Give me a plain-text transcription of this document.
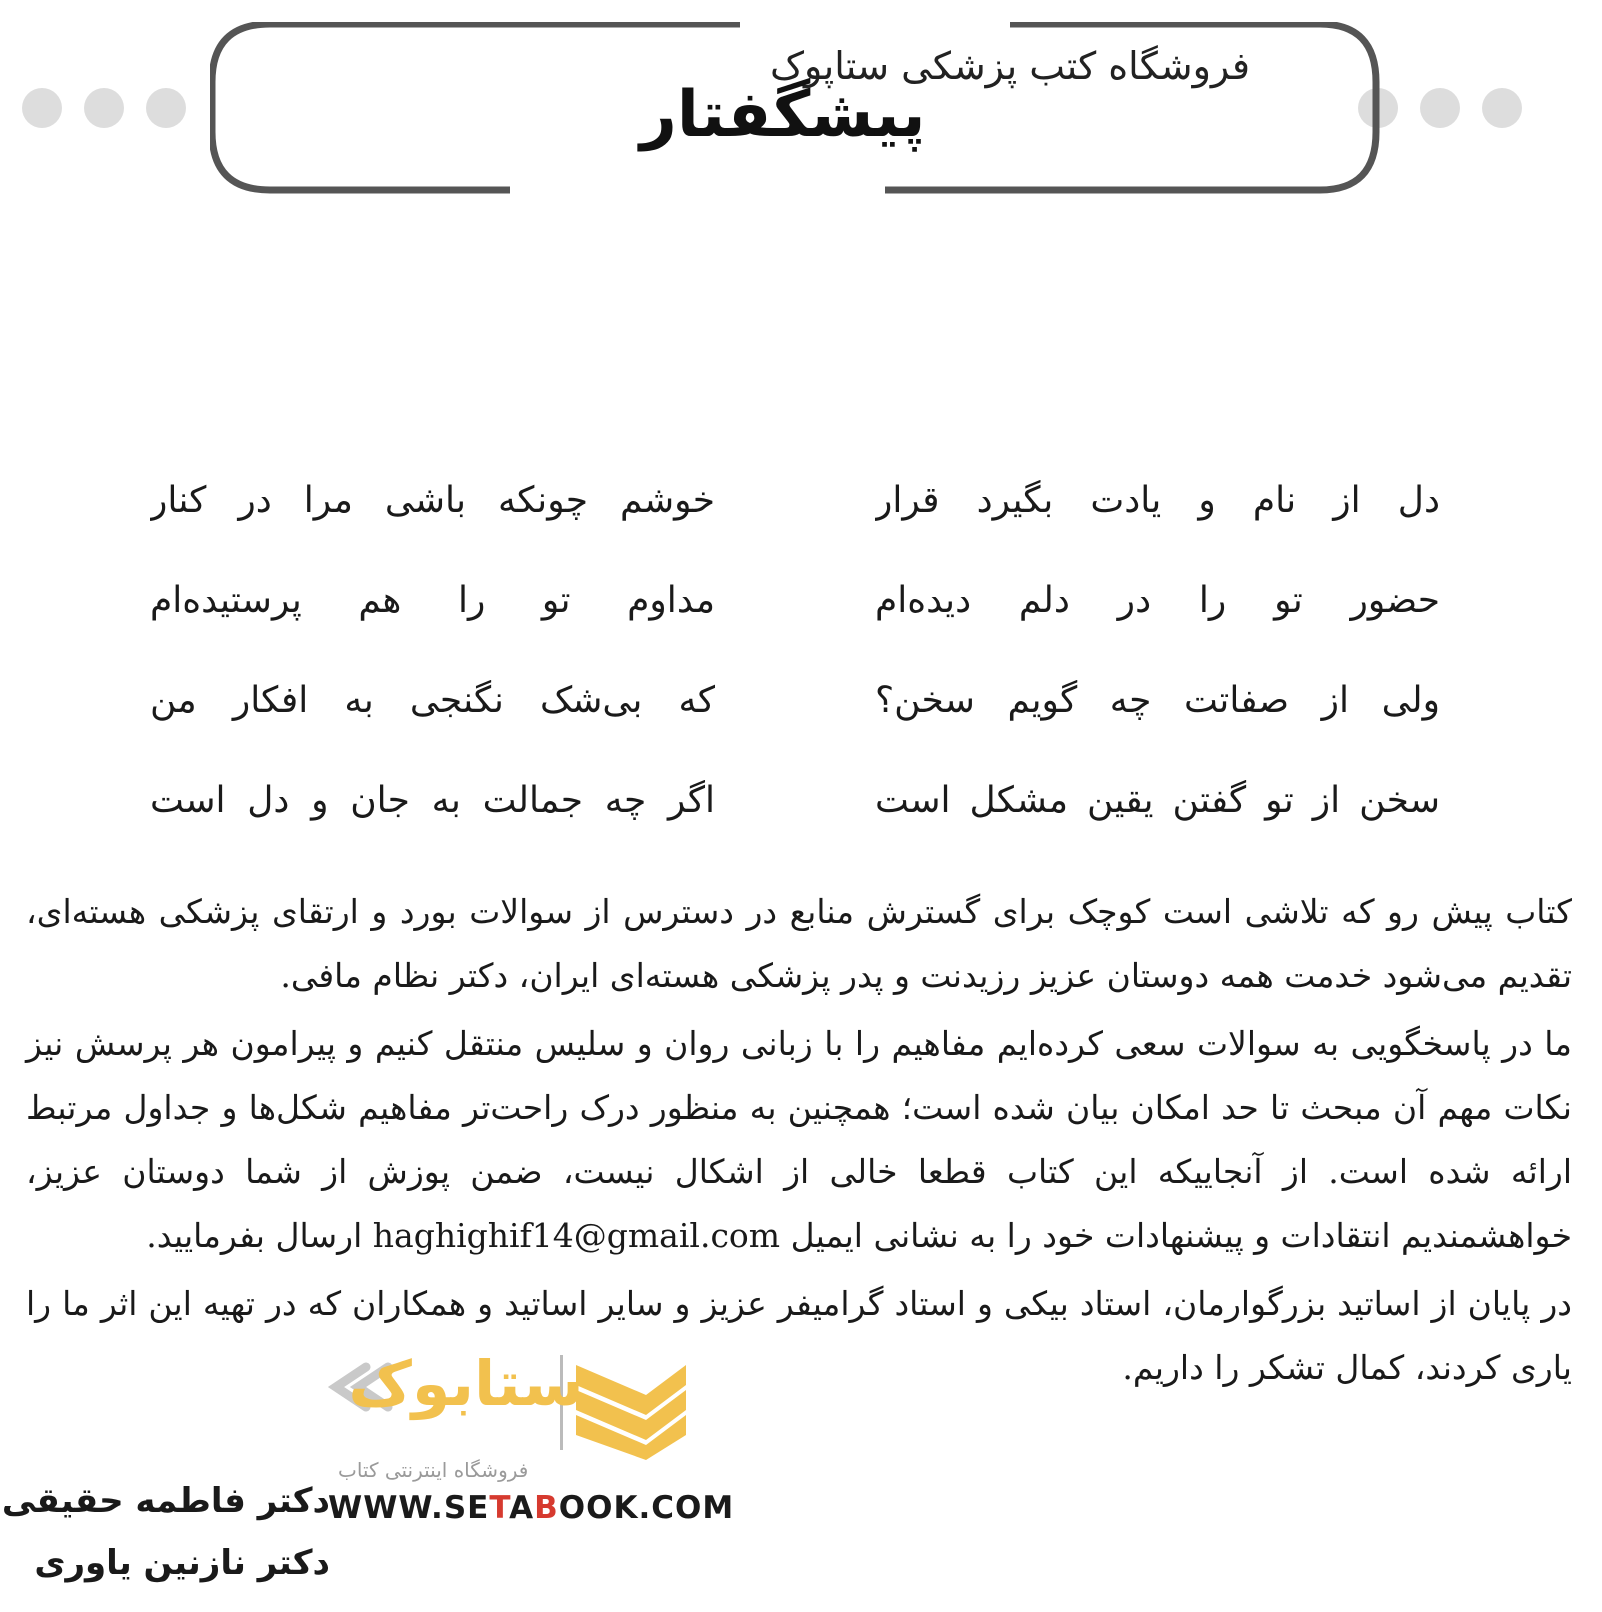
فروشگاه کتب پزشکی ستاپوک
پیشگفتار
دل از نام و یادت بگیرد قرار
خوشم چونکه باشی مرا در کنار
حضور تو را در دلم دیده‌ام
مداوم تو را هم پرستیده‌ام
ولی از صفاتت چه گویم سخن؟
که بی‌شک نگنجی به افکار من
سخن از تو گفتن یقین مشکل است
اگر چه جمالت به جان و دل است

کتاب پیش رو که تلاشی است کوچک برای گسترش منابع در دسترس از سوالات بورد و ارتقای پزشکی هسته‌ای، تقدیم می‌شود خدمت همه دوستان عزیز رزیدنت و پدر پزشکی هسته‌ای ایران، دکتر نظام مافی.

ما در پاسخگویی به سوالات سعی کرده‌ایم مفاهیم را با زبانی روان و سلیس منتقل کنیم و پیرامون هر پرسش نیز نکات مهم آن مبحث تا حد امکان بیان شده است؛ همچنین به منظور درک راحت‌تر مفاهیم شکل‌ها و جداول مرتبط ارائه شده است. از آنجاییکه این کتاب قطعا خالی از اشکال نیست، ضمن پوزش از شما دوستان عزیز، خواهشمندیم انتقادات و پیشنهادات خود را به نشانی ایمیل haghighif14@gmail.com ارسال بفرمایید.

در پایان از اساتید بزرگوارمان، استاد بیکی و استاد گرامیفر عزیز و سایر اساتید و همکاران که در تهیه این اثر ما را یاری کردند، کمال تشکر را داریم.

ستابوک
فروشگاه اینترنتی کتاب
WWW.SETABOOK.COM
دکتر فاطمه حقیقی
دکتر نازنین یاوری
